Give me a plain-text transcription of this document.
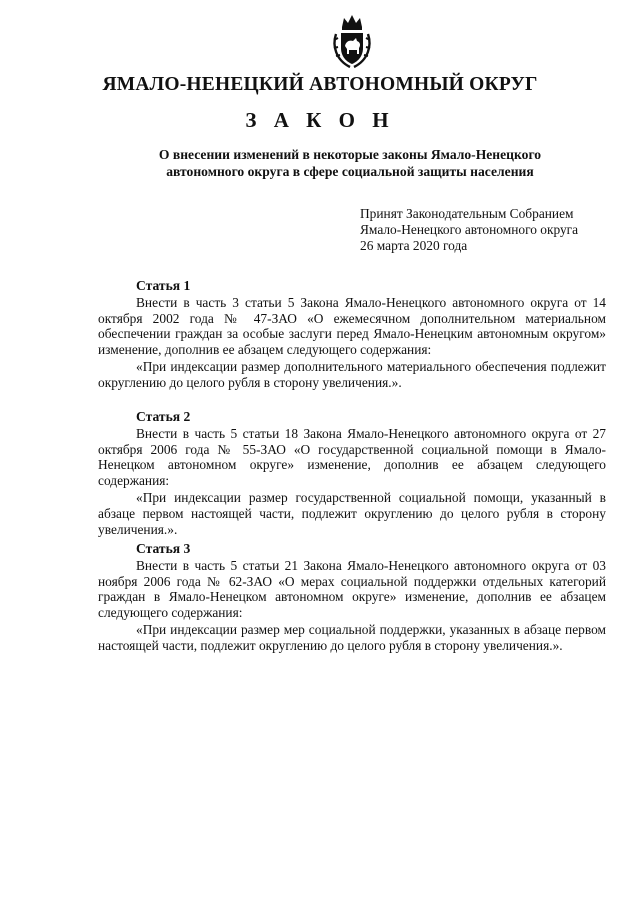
ЯМАЛО-НЕНЕЦКИЙ АВТОНОМНЫЙ ОКРУГ
З А К О Н
О внесении изменений в некоторые законы Ямало-Ненецкого автономного округа в сфере социальной защиты населения
Принят Законодательным Собранием
Ямало-Ненецкого автономного округа
26 марта 2020 года
Статья 1

Внести в часть 3 статьи 5 Закона Ямало-Ненецкого автономного округа от 14 октября 2002 года № 47-ЗАО «О ежемесячном дополнительном материальном обеспечении граждан за особые заслуги перед Ямало-Ненецким автономным округом» изменение, дополнив ее абзацем следующего содержания:

«При индексации размер дополнительного материального обеспечения подлежит округлению до целого рубля в сторону увеличения.».

Статья 2

Внести в часть 5 статьи 18 Закона Ямало-Ненецкого автономного округа от 27 октября 2006 года № 55-ЗАО «О государственной социальной помощи в Ямало-Ненецком автономном округе» изменение, дополнив ее абзацем следующего содержания:

«При индексации размер государственной социальной помощи, указанный в абзаце первом настоящей части, подлежит округлению до целого рубля в сторону увеличения.».

Статья 3

Внести в часть 5 статьи 21 Закона Ямало-Ненецкого автономного округа от 03 ноября 2006 года № 62-ЗАО «О мерах социальной поддержки отдельных категорий граждан в Ямало-Ненецком автономном округе» изменение, дополнив ее абзацем следующего содержания:

«При индексации размер мер социальной поддержки, указанных в абзаце первом настоящей части, подлежит округлению до целого рубля в сторону увеличения.».
